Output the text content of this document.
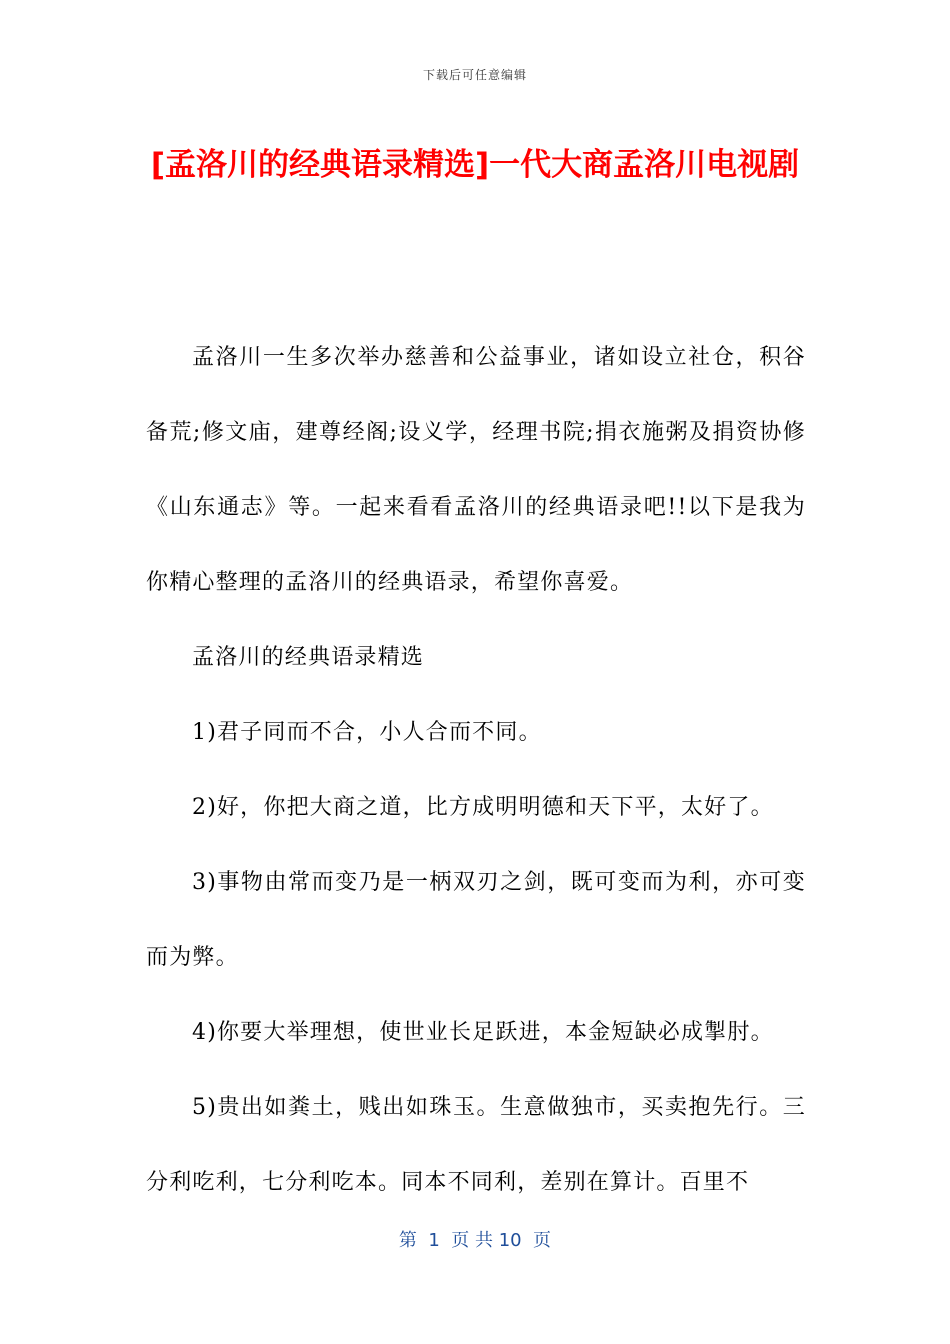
下载后可任意编辑
[孟洛川的经典语录精选]一代大商孟洛川电视剧

孟洛川一生多次举办慈善和公益事业，诸如设立社仓，积谷备荒;修文庙，建尊经阁;设义学，经理书院;捐衣施粥及捐资协修《山东通志》等。一起来看看孟洛川的经典语录吧!!以下是我为你精心整理的孟洛川的经典语录，希望你喜爱。

孟洛川的经典语录精选

1)君子同而不合，小人合而不同。

2)好，你把大商之道，比方成明明德和天下平，太好了。

3)事物由常而变乃是一柄双刃之剑，既可变而为利，亦可变而为弊。

4)你要大举理想，使世业长足跃进，本金短缺必成掣肘。

5)贵出如粪土，贱出如珠玉。生意做独市，买卖抱先行。三分利吃利，七分利吃本。同本不同利，差别在算计。百里不

第  1  页 共 10  页
